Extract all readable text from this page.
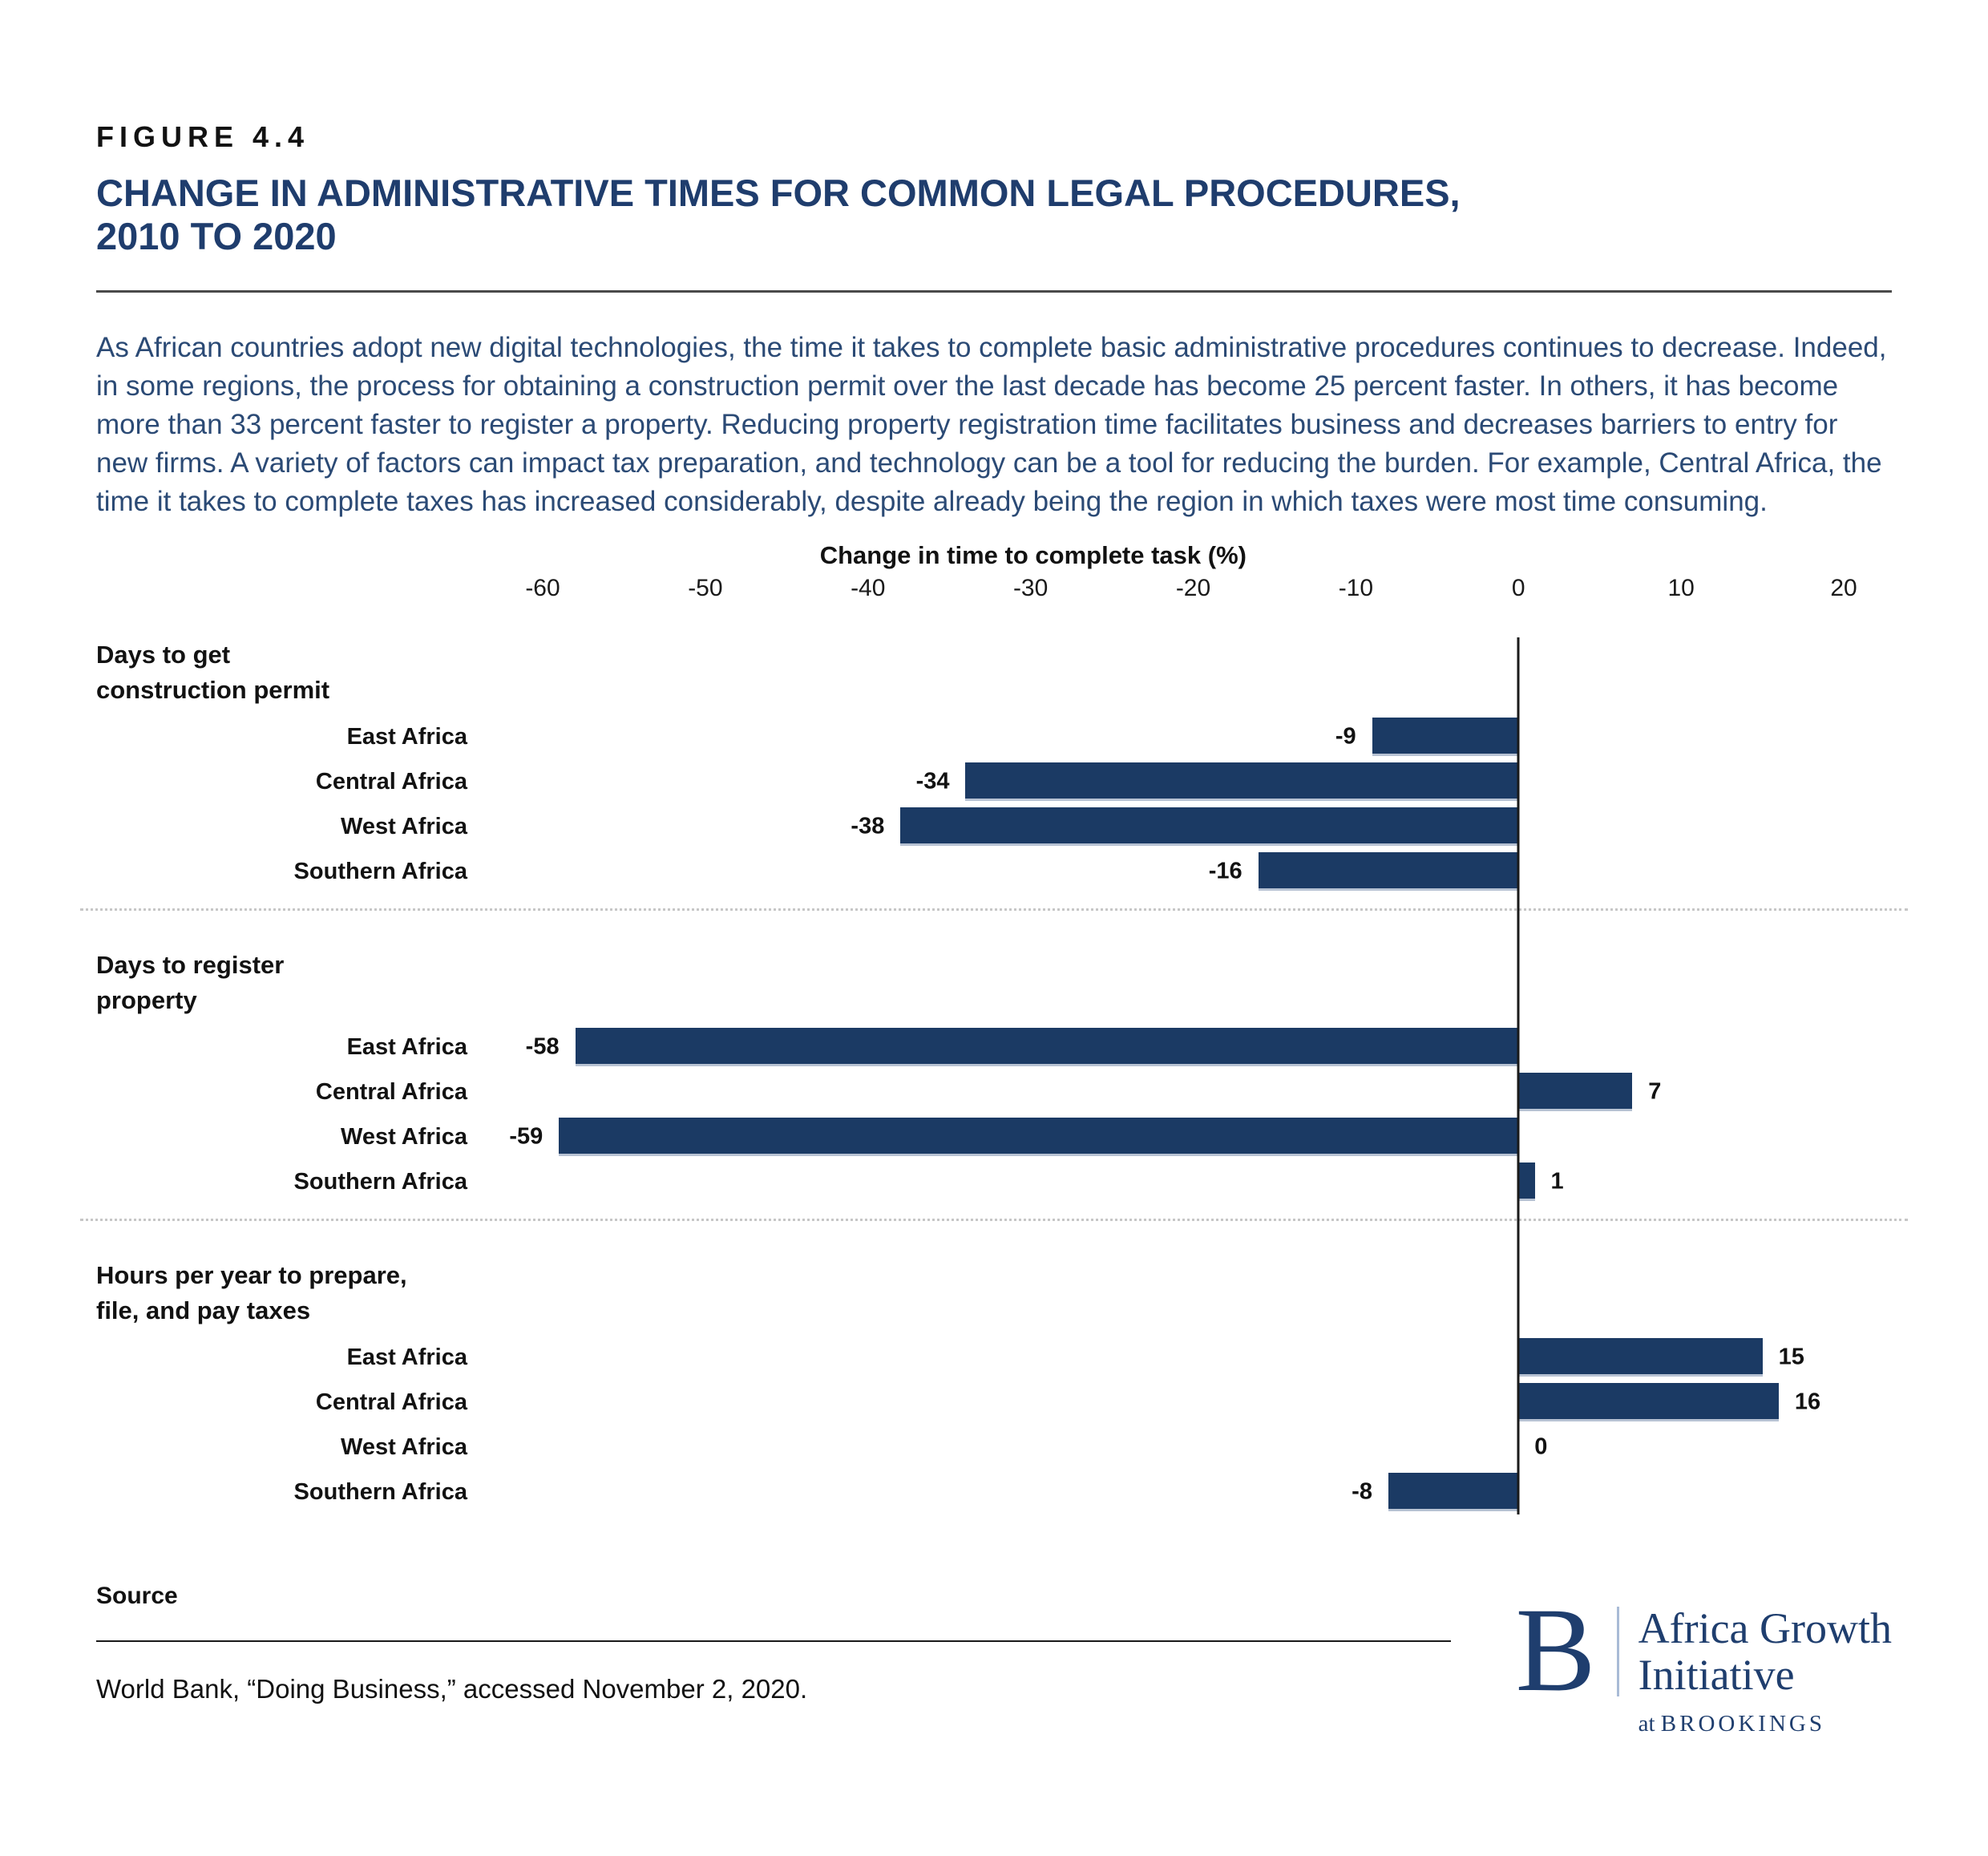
FIGURE 4.4
CHANGE IN ADMINISTRATIVE TIMES FOR COMMON LEGAL PROCEDURES,
2010 TO 2020

As African countries adopt new digital technologies, the time it takes to complete basic administrative procedures continues to decrease. Indeed, in some regions, the process for obtaining a construction permit over the last decade has become 25 percent faster. In others, it has become more than 33 percent faster to register a property. Reducing property registration time facilitates business and decreases barriers to entry for new firms. A variety of factors can impact tax preparation, and technology can be a tool for reducing the burden. For example, Central Africa, the time it takes to complete taxes has increased considerably, despite already being the region in which taxes were most time consuming.

Change in time to complete task (%)
-60	-50	-40	-30	-20	-10	0	10	20
Days to get
construction permit
East Africa	-9
Central Africa	-34
West Africa	-38
Southern Africa	-16
Days to register
property
East Africa	-58
Central Africa	7
West Africa	-59
Southern Africa	1
Hours per year to prepare,
file, and pay taxes
East Africa	15
Central Africa	16
West Africa	0
Southern Africa	-8
Source
World Bank, “Doing Business,” accessed November 2, 2020.	B Africa Growth
Initiative
at BROOKINGS
